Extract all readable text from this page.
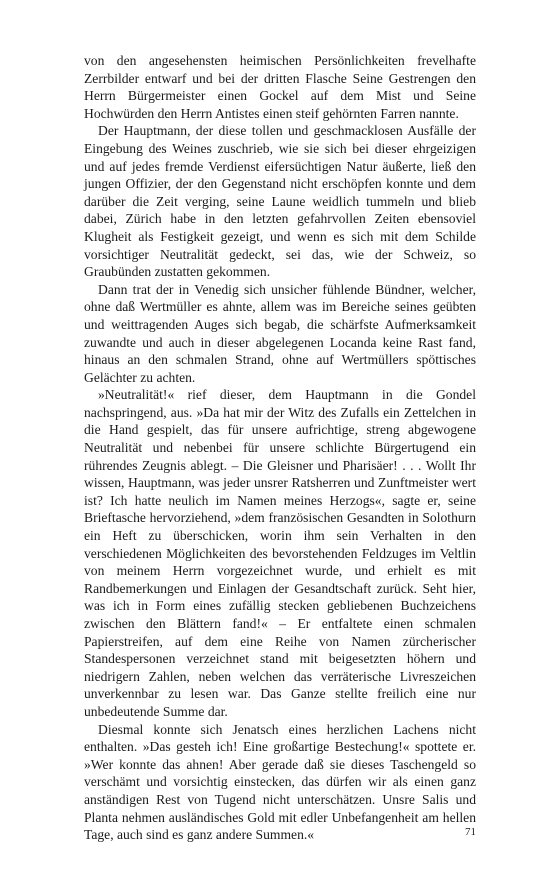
von den angesehensten heimischen Persönlichkeiten frevelhafte Zerrbilder entwarf und bei der dritten Flasche Seine Gestrengen den Herrn Bürgermeister einen Gockel auf dem Mist und Seine Hochwürden den Herrn Antistes einen steif gehörnten Farren nannte.

Der Hauptmann, der diese tollen und geschmacklosen Ausfälle der Eingebung des Weines zuschrieb, wie sie sich bei dieser ehrgeizigen und auf jedes fremde Verdienst eifersüchtigen Natur äußerte, ließ den jungen Offizier, der den Gegenstand nicht erschöpfen konnte und dem darüber die Zeit verging, seine Laune weidlich tummeln und blieb dabei, Zürich habe in den letzten gefahrvollen Zeiten ebensoviel Klugheit als Festigkeit gezeigt, und wenn es sich mit dem Schilde vorsichtiger Neutralität gedeckt, sei das, wie der Schweiz, so Graubünden zustatten gekommen.

Dann trat der in Venedig sich unsicher fühlende Bündner, welcher, ohne daß Wertmüller es ahnte, allem was im Bereiche seines geübten und weittragenden Auges sich begab, die schärfste Aufmerksamkeit zuwandte und auch in dieser abgelegenen Locanda keine Rast fand, hinaus an den schmalen Strand, ohne auf Wertmüllers spöttisches Gelächter zu achten.

»Neutralität!« rief dieser, dem Hauptmann in die Gondel nachspringend, aus. »Da hat mir der Witz des Zufalls ein Zettelchen in die Hand gespielt, das für unsere aufrichtige, streng abgewogene Neutralität und nebenbei für unsere schlichte Bürgertugend ein rührendes Zeugnis ablegt. – Die Gleisner und Pharisäer! . . . Wollt Ihr wissen, Hauptmann, was jeder unsrer Ratsherren und Zunftmeister wert ist? Ich hatte neulich im Namen meines Herzogs«, sagte er, seine Brieftasche hervorziehend, »dem französischen Gesandten in Solothurn ein Heft zu überschicken, worin ihm sein Verhalten in den verschiedenen Möglichkeiten des bevorstehenden Feldzuges im Veltlin von meinem Herrn vorgezeichnet wurde, und erhielt es mit Randbemerkungen und Einlagen der Gesandtschaft zurück. Seht hier, was ich in Form eines zufällig stecken gebliebenen Buchzeichens zwischen den Blättern fand!« – Er entfaltete einen schmalen Papierstreifen, auf dem eine Reihe von Namen zürcherischer Standespersonen verzeichnet stand mit beigesetzten höhern und niedrigern Zahlen, neben welchen das verräterische Livreszeichen unverkennbar zu lesen war. Das Ganze stellte freilich eine nur unbedeutende Summe dar.

Diesmal konnte sich Jenatsch eines herzlichen Lachens nicht enthalten. »Das gesteh ich! Eine großartige Bestechung!« spottete er. »Wer konnte das ahnen! Aber gerade daß sie dieses Taschengeld so verschämt und vorsichtig einstecken, das dürfen wir als einen ganz anständigen Rest von Tugend nicht unterschätzen. Unsre Salis und Planta nehmen ausländisches Gold mit edler Unbefangenheit am hellen Tage, auch sind es ganz andere Summen.«	71
